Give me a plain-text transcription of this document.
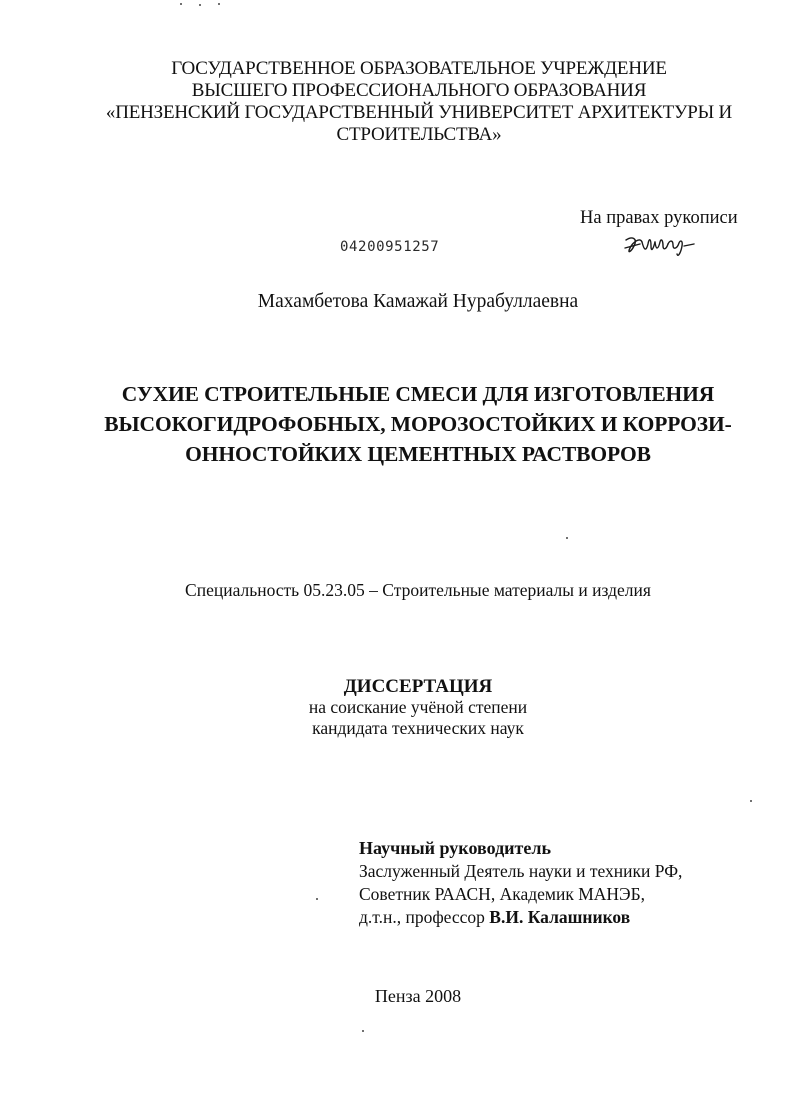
ГОСУДАРСТВЕННОЕ ОБРАЗОВАТЕЛЬНОЕ УЧРЕЖДЕНИЕ
ВЫСШЕГО ПРОФЕССИОНАЛЬНОГО ОБРАЗОВАНИЯ
«ПЕНЗЕНСКИЙ ГОСУДАРСТВЕННЫЙ УНИВЕРСИТЕТ АРХИТЕКТУРЫ И
СТРОИТЕЛЬСТВА»
На правах рукописи
04200951257
Махамбетова Камажай Нурабуллаевна
СУХИЕ СТРОИТЕЛЬНЫЕ СМЕСИ ДЛЯ ИЗГОТОВЛЕНИЯ
ВЫСОКОГИДРОФОБНЫХ, МОРОЗОСТОЙКИХ И КОРРОЗИ-
ОННОСТОЙКИХ ЦЕМЕНТНЫХ РАСТВОРОВ
Специальность 05.23.05 – Строительные материалы и изделия
ДИССЕРТАЦИЯ
на соискание учёной степени
кандидата технических наук
Научный руководитель
Заслуженный Деятель науки и техники РФ,
Советник РААСН, Академик МАНЭБ,
д.т.н., профессор В.И. Калашников
Пенза 2008
